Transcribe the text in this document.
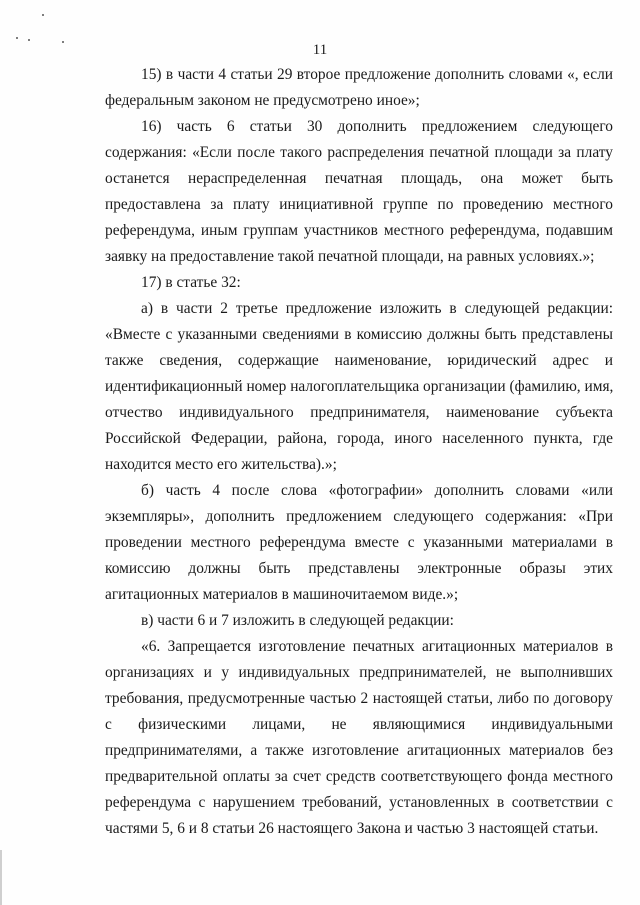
11
15) в части 4 статьи 29 второе предложение дополнить словами «, если
федеральным законом не предусмотрено иное»;
16) часть 6 статьи 30 дополнить предложением следующего
содержания: «Если после такого распределения печатной площади за плату
останется нераспределенная печатная площадь, она может быть
предоставлена за плату инициативной группе по проведению местного
референдума, иным группам участников местного референдума, подавшим
заявку на предоставление такой печатной площади, на равных условиях.»;
17) в статье 32:
а) в части 2 третье предложение изложить в следующей редакции:
«Вместе с указанными сведениями в комиссию должны быть представлены
также сведения, содержащие наименование, юридический адрес и
идентификационный номер налогоплательщика организации (фамилию, имя,
отчество индивидуального предпринимателя, наименование субъекта
Российской Федерации, района, города, иного населенного пункта, где
находится место его жительства).»;
б) часть 4 после слова «фотографии» дополнить словами «или
экземпляры», дополнить предложением следующего содержания: «При
проведении местного референдума вместе с указанными материалами в
комиссию должны быть представлены электронные образы этих
агитационных материалов в машиночитаемом виде.»;
в) части 6 и 7 изложить в следующей редакции:
«6. Запрещается изготовление печатных агитационных материалов в
организациях и у индивидуальных предпринимателей, не выполнивших
требования, предусмотренные частью 2 настоящей статьи, либо по договору
с физическими лицами, не являющимися индивидуальными
предпринимателями, а также изготовление агитационных материалов без
предварительной оплаты за счет средств соответствующего фонда местного
референдума с нарушением требований, установленных в соответствии с
частями 5, 6 и 8 статьи 26 настоящего Закона и частью 3 настоящей статьи.
